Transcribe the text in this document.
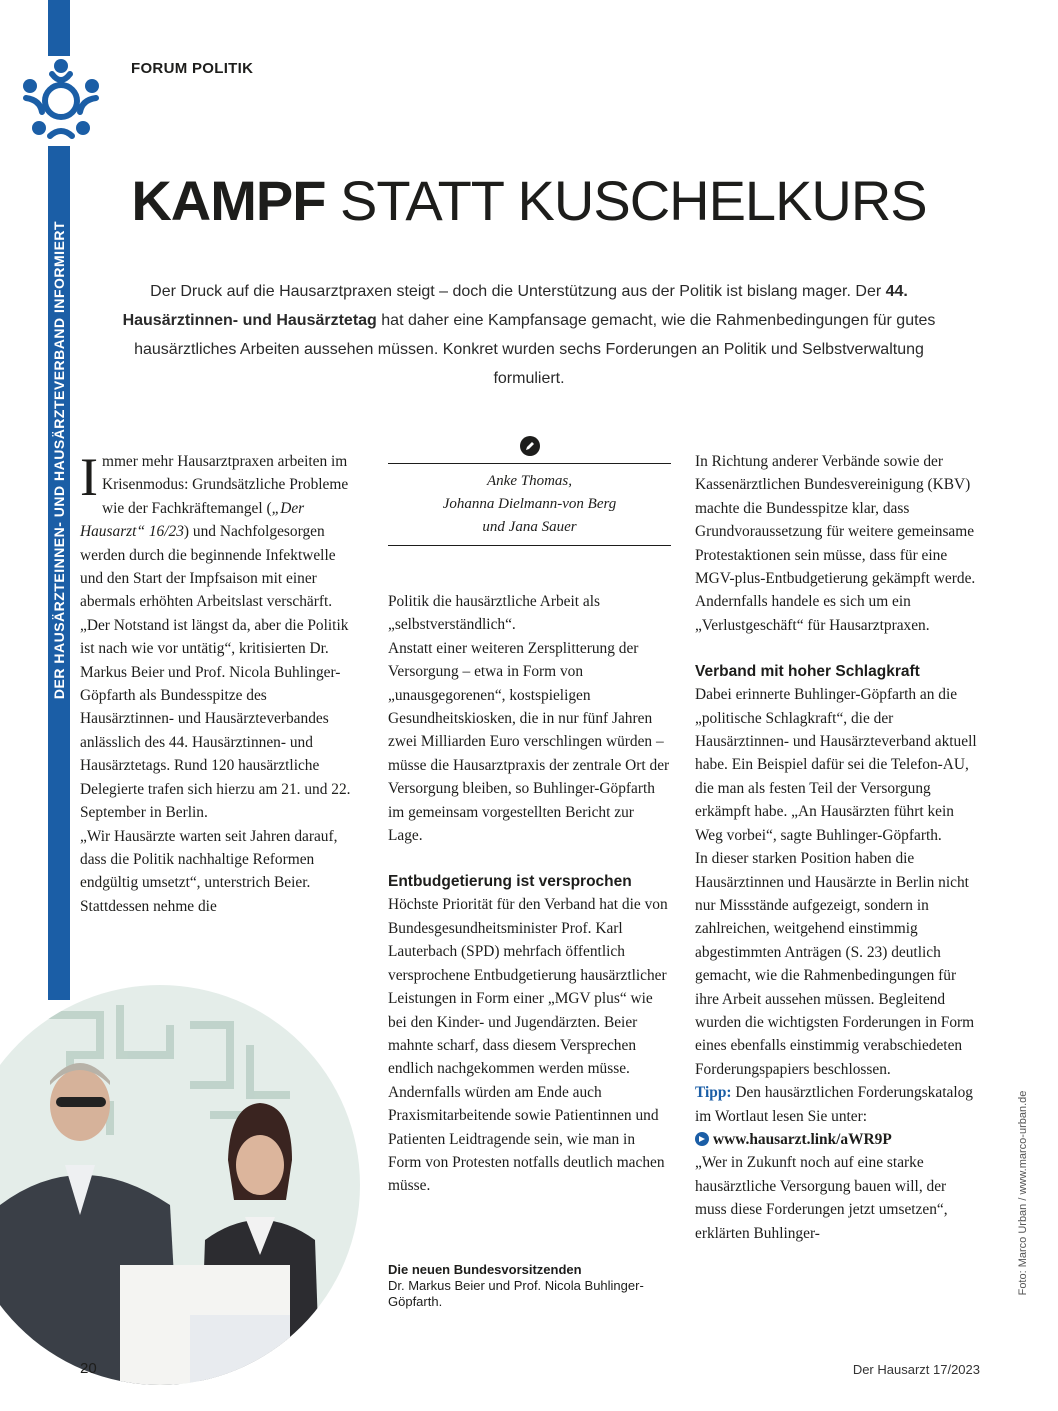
DER HAUSÄRZTEINNEN- UND HAUSÄRZTEVERBAND INFORMIERT
FORUM POLITIK
KAMPF STATT KUSCHELKURS
Der Druck auf die Hausarztpraxen steigt – doch die Unterstützung aus der Politik ist bislang mager. Der 44. Hausärztinnen- und Hausärztetag hat daher eine Kampfansage gemacht, wie die Rahmenbedingungen für gutes hausärztliches Arbeiten aussehen müssen. Konkret wurden sechs Forderungen an Politik und Selbstverwaltung formuliert.

Immer mehr Hausarztpraxen arbeiten im Krisenmodus: Grundsätzliche Probleme wie der Fachkräftemangel („Der Hausarzt“ 16/23) und Nachfolgesorgen werden durch die beginnende Infektwelle und den Start der Impfsaison mit einer abermals erhöhten Arbeitslast verschärft. „Der Notstand ist längst da, aber die Politik ist nach wie vor untätig“, kritisierten Dr. Markus Beier und Prof. Nicola Buhlinger-Göpfarth als Bundesspitze des Hausärztinnen- und Hausärzteverbandes anlässlich des 44. Hausärztinnen- und Hausärztetags. Rund 120 hausärztliche Delegierte trafen sich hierzu am 21. und 22. September in Berlin.

„Wir Hausärzte warten seit Jahren darauf, dass die Politik nachhaltige Reformen endgültig umsetzt“, unterstrich Beier. Stattdessen nehme die

Anke Thomas,
Johanna Dielmann-von Berg
und Jana Sauer

Politik die hausärztliche Arbeit als „selbstverständlich“.

Anstatt einer weiteren Zersplitterung der Versorgung – etwa in Form von „unausgegorenen“, kostspieligen Gesundheitskiosken, die in nur fünf Jahren zwei Milliarden Euro verschlingen würden – müsse die Hausarztpraxis der zentrale Ort der Versorgung bleiben, so Buhlinger-Göpfarth im gemeinsam vorgestellten Bericht zur Lage.

Entbudgetierung ist versprochen

Höchste Priorität für den Verband hat die von Bundesgesundheitsminister Prof. Karl Lauterbach (SPD) mehrfach öffentlich versprochene Entbudgetierung hausärztlicher Leistungen in Form einer „MGV plus“ wie bei den Kinder- und Jugendärzten. Beier mahnte scharf, dass diesem Versprechen endlich nachgekommen werden müsse. Andernfalls würden am Ende auch Praxismitarbeitende sowie Patientinnen und Patienten Leidtragende sein, wie man in Form von Protesten notfalls deutlich machen müsse.

Die neuen Bundesvorsitzenden
Dr. Markus Beier und Prof. Nicola Buhlinger-Göpfarth.

In Richtung anderer Verbände sowie der Kassenärztlichen Bundesvereinigung (KBV) machte die Bundesspitze klar, dass Grundvoraussetzung für weitere gemeinsame Protestaktionen sein müsse, dass für eine MGV-plus-Entbudgetierung gekämpft werde. Andernfalls handele es sich um ein „Verlustgeschäft“ für Hausarztpraxen.

Verband mit hoher Schlagkraft

Dabei erinnerte Buhlinger-Göpfarth an die „politische Schlagkraft“, die der Hausärztinnen- und Hausärzteverband aktuell habe. Ein Beispiel dafür sei die Telefon-AU, die man als festen Teil der Versorgung erkämpft habe. „An Hausärzten führt kein Weg vorbei“, sagte Buhlinger-Göpfarth.

In dieser starken Position haben die Hausärztinnen und Hausärzte in Berlin nicht nur Missstände aufgezeigt, sondern in zahlreichen, weitgehend einstimmig abgestimmten Anträgen (S. 23) deutlich gemacht, wie die Rahmenbedingungen für ihre Arbeit aussehen müssen. Begleitend wurden die wichtigsten Forderungen in Form eines ebenfalls einstimmig verabschiedeten Forderungspapiers beschlossen.

Tipp: Den hausärztlichen Forderungskatalog im Wortlaut lesen Sie unter:

www.hausarzt.link/aWR9P

„Wer in Zukunft noch auf eine starke hausärztliche Versorgung bauen will, der muss diese Forderungen jetzt umsetzen“, erklärten Buhlinger-	Foto: Marco Urban / www.marco-urban.de
20	Der Hausarzt 17/2023
